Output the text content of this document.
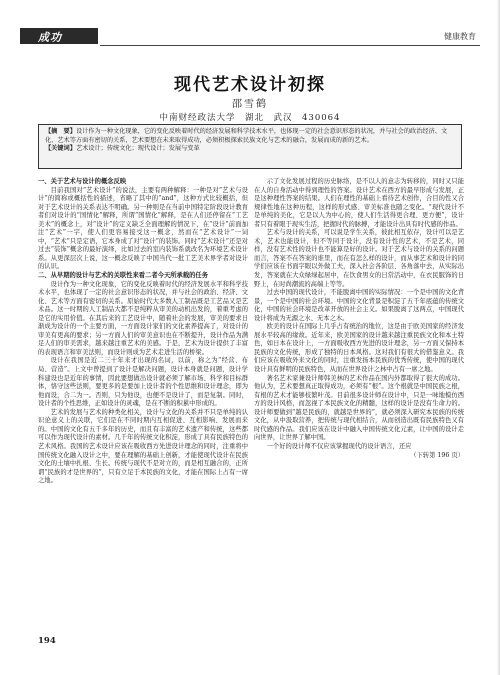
成功	健康教育
现代艺术设计初探
邵雪鹤
中南财经政法大学　湖北　武汉　430064
【摘　要】设计作为一种文化现象，它的变化反映着时代的经济发展和科学技术水平，也体现一定的社会意识形态的状况，并与社会的政治经济、文化、艺术等方面有密切的关系，艺术要想在未来取得成功，必须积极探索民族文化与艺术的融合，发展而成的新的艺术。
【关键词】艺术设计；传统文化；现代设计；发展与变革

一、关于艺术与设计的概念反映

目前我国对“艺术设计”的说法，主要有两种解释：一种是对“艺术与设计”的简称或概括性的描述，省略了其中的“and”，这种方式比较概括，但对于艺术设计的关系表达不明确。另一种则是在当前中国特定阶段设计教育者们对设计的“国情化”解释，所谓“国情化”解释，是在人们还停留在“工艺美术”的概念上，对“设计”的定义缺乏全面理解的情况下，在“设计”前面加注“艺术”一字，使人们更容易接受这一概念，然而在“艺术设计”一词中，“艺术”只是定语，它本身成了对“设计”的装饰。同时“艺术设计”还是对过去“装饰”概念的最好演绎，比如过去的室内装饰系就改名为环境艺术设计系。从更深层次上说，这一概念反映了中国当代一批工艺美术界学者对设计的认识。

二、从早期的设计与艺术的关联性来看二者今天所承载的任务

设计作为一种文化现象，它的变化反映着时代的经济发展水平和科学技术水平，也体现了一定的社会意识形态的状况，并与社会的政治、经济、文化、艺术等方面有密切的关系。原始时代大多数人工制品既是工艺品又是艺术品。这一时期的人工制品大都不是纯粹从审美的动机出发的，着重考虑的是它的实用价值。在其后来的工艺设计中，随着社会的发展，审美的要求日渐成为设计的一个主要方面，一方面设计家们的文化素养提高了，对设计的审美有更高的要求；另一方面人们的审美意识也在不断提升，设计作品为满足人们的审美需求，越来越注重艺术的美感。于是，艺术为设计提供了丰富的表现语言和审美法则，而设计则成为艺术走进生活的桥梁。

设计在我国是近二三十年来才出现的名词，以前，称之为“经营、布局、营造”。上文中曾提到了设计是解决问题，设计本身就是问题，设计学科建设也是近年的事情，因此要想做出设计就必须了解市场、科学和目标群体，恪守这些法则，要更多的是要加上设计者的个性思维和设计理念，即为他而设，合二为一。否则，只为他设，也便不是设计了，而是复制。同时，设计者的个性思维，正如设计的灵魂，是在不断的积累中形成的。

艺术的发展与艺术的种类化相关，设计与文化的关系并不只是单纯的认识论意义上的关联，它们是在不同时期内互相促进、互相影响、发展而来的。中国的文化有五千多年的历史，而且有丰富的艺术遗产和传统，这些都可以作为现代设计的素材。几千年的传统文化积淀，形成了具有民族特色的艺术风格。我国的艺术设计应该在吸收西方先进设计理念的同时，注重将中国传统文化融入设计之中，要在理解的基础上创新，才能使现代设计在民族文化的土壤中扎根、生长。传统与现代不是对立的，而是相互融合的，正所谓“民族的才是世界的”，只有立足于本民族的文化，才能在国际上占有一席之地。

示了文化发展过程的历史脉络，是不以人的意志为转移的，同时又只能在人的自身活动中得到理性的答案。设计艺术在西方的最早形成与发展，正是这种理性答案的结果。人们在理性的基础上看待艺术创作，合目的性又合规律性地在这种历程，这样的形式感、审美标准也随之变化。“现代设计不是单纯的美化，它是以人为中心的，使人们生活得更合理、更方便”，设计者只有着眼于现实生活，把握时代的脉搏，才能设计出具有时代感的作品。

艺术与设计的关系，可以说是学生关系，彼此相互依存，设计可以是艺术，艺术也能设计，但不等同于设计，没有设计性的艺术，不是艺术，同样，没有艺术性的设计也不能算是好的设计。对于艺术与设计的关系的问题而言，答案不在答案的谁里，而在有怎么样的设计，而从事艺术和设计的同学们应该在书面字眼以外做工夫，深入社会各阶层、各角落中去，从实际出发，答案就在大众绿绿起居中，在饮食男女的日常活动中，在衣民服饰的日野上，在时尚潮流的高端上等等。

过去中国的现代设计，不能脱离中国的实际情况：一个是中国的文化背景，一个是中国的社会环境。中国的文化背景是积淀了五千年底蕴的传统文化，中国的社会环境是改革开放的社会主义。如果脱离了这两点，中国现代设计将成为无源之水、无本之木。

欧美的设计在国际上几乎占有统治的地位，这是由于欧美国家的经济发展水平较高的缘故。近年来，欧美国家的设计越来越注重民族文化和本土特色，如日本在设计上，一方面吸收西方先进的设计理念，另一方面又保持本民族的文化传统，形成了独特的日本风格。这对我们有很大的借鉴意义。我们应该在吸收外来文化的同时，注重发扬本民族的优秀传统，使中国的现代设计具有鲜明的民族特色，从而在世界设计之林中占有一席之地。

著名艺术家兼设计师韩美林的艺术作品在国内外都取得了很大的成功。他认为，艺术要想真正取得成功，必须有“根”。这个根就是中国民族之根，有根的艺术才能够枝繁叶茂。目前很多设计师在设计中，只是一味地模仿西方的设计风格，而忽视了本民族文化的精髓，这样的设计是没有生命力的。设计师要做到“越是民族的，就越是世界的”，就必须深入研究本民族的传统文化，从中汲取营养，把传统与现代相结合，从而创造出既有民族特色又有时代感的作品。我们应该在设计中融入中国传统文化元素，让中国的设计走向世界，让世界了解中国。

一个好的设计师不仅应该掌握现代的设计语言，还应

（下转第 196 页）

194
